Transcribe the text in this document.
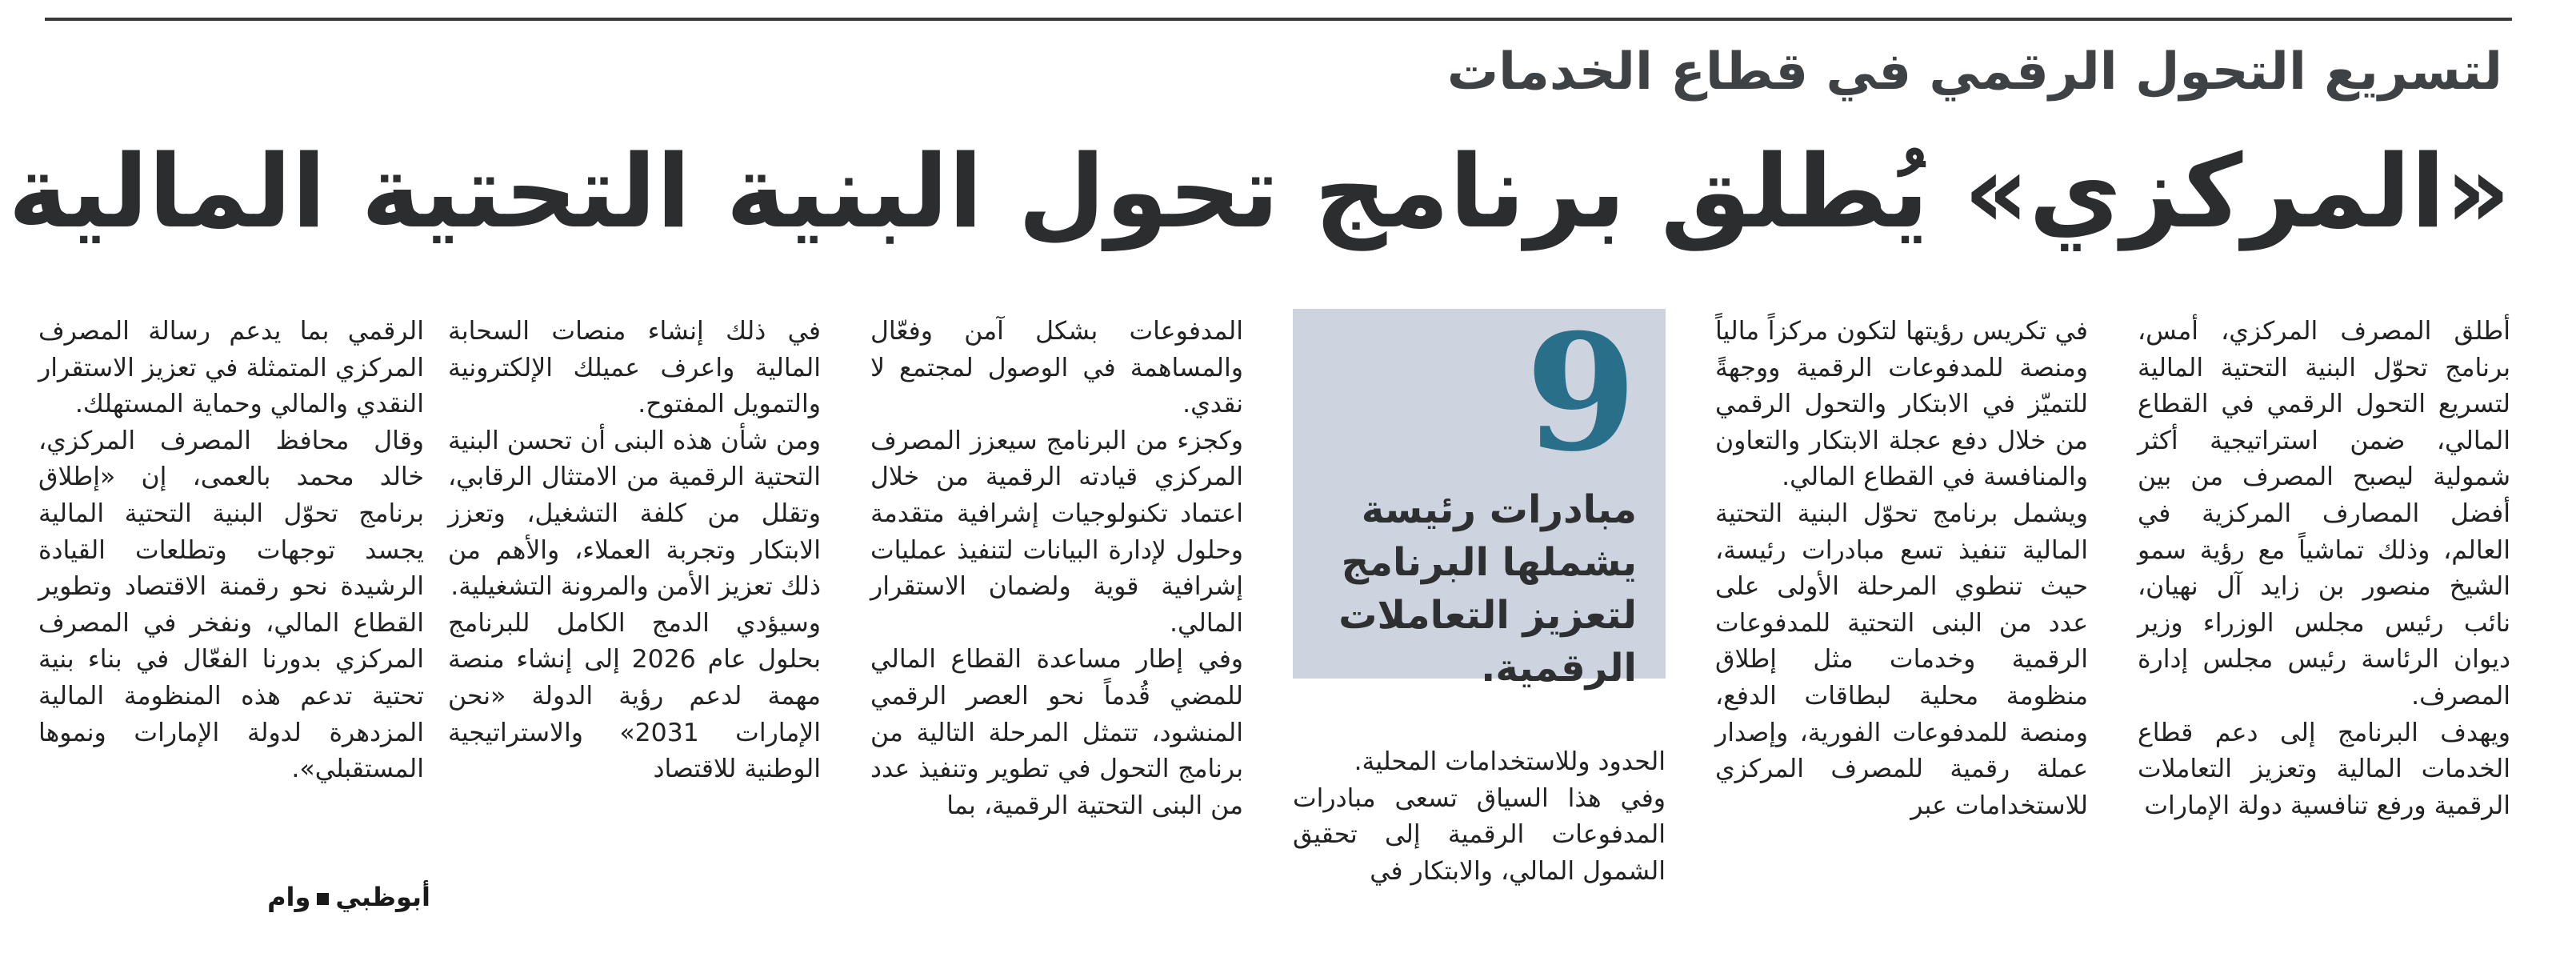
لتسريع التحول الرقمي في قطاع الخدمات
«المركزي» يُطلق برنامج تحول البنية التحتية المالية

أطلق المصرف المركزي، أمس، برنامج تحوّل البنية التحتية المالية لتسريع التحول الرقمي في القطاع المالي، ضمن استراتيجية أكثر شمولية ليصبح المصرف من بين أفضل المصارف المركزية في العالم، وذلك تماشياً مع رؤية سمو الشيخ منصور بن زايد آل نهيان، نائب رئيس مجلس الوزراء وزير ديوان الرئاسة رئيس مجلس إدارة المصرف.

ويهدف البرنامج إلى دعم قطاع الخدمات المالية وتعزيز التعاملات الرقمية ورفع تنافسية دولة الإمارات

في تكريس رؤيتها لتكون مركزاً مالياً ومنصة للمدفوعات الرقمية ووجهةً للتميّز في الابتكار والتحول الرقمي من خلال دفع عجلة الابتكار والتعاون والمنافسة في القطاع المالي.

ويشمل برنامج تحوّل البنية التحتية المالية تنفيذ تسع مبادرات رئيسة، حيث تنطوي المرحلة الأولى على عدد من البنى التحتية للمدفوعات الرقمية وخدمات مثل إطلاق منظومة محلية لبطاقات الدفع، ومنصة للمدفوعات الفورية، وإصدار عملة رقمية للمصرف المركزي للاستخدامات عبر

9
مبادرات رئيسة يشملها البرنامج لتعزيز التعاملات الرقمية.

الحدود وللاستخدامات المحلية.

وفي هذا السياق تسعى مبادرات المدفوعات الرقمية إلى تحقيق الشمول المالي، والابتكار في

المدفوعات بشكل آمن وفعّال والمساهمة في الوصول لمجتمع لا نقدي.

وكجزء من البرنامج سيعزز المصرف المركزي قيادته الرقمية من خلال اعتماد تكنولوجيات إشرافية متقدمة وحلول لإدارة البيانات لتنفيذ عمليات إشرافية قوية ولضمان الاستقرار المالي.

وفي إطار مساعدة القطاع المالي للمضي قُدماً نحو العصر الرقمي المنشود، تتمثل المرحلة التالية من برنامج التحول في تطوير وتنفيذ عدد من البنى التحتية الرقمية، بما

في ذلك إنشاء منصات السحابة المالية واعرف عميلك الإلكترونية والتمويل المفتوح.

ومن شأن هذه البنى أن تحسن البنية التحتية الرقمية من الامتثال الرقابي، وتقلل من كلفة التشغيل، وتعزز الابتكار وتجربة العملاء، والأهم من ذلك تعزيز الأمن والمرونة التشغيلية.

وسيؤدي الدمج الكامل للبرنامج بحلول عام 2026 إلى إنشاء منصة مهمة لدعم رؤية الدولة «نحن الإمارات 2031» والاستراتيجية الوطنية للاقتصاد

الرقمي بما يدعم رسالة المصرف المركزي المتمثلة في تعزيز الاستقرار النقدي والمالي وحماية المستهلك.

وقال محافظ المصرف المركزي، خالد محمد بالعمى، إن «إطلاق برنامج تحوّل البنية التحتية المالية يجسد توجهات وتطلعات القيادة الرشيدة نحو رقمنة الاقتصاد وتطوير القطاع المالي، ونفخر في المصرف المركزي بدورنا الفعّال في بناء بنية تحتية تدعم هذه المنظومة المالية المزدهرة لدولة الإمارات ونموها المستقبلي».

أبوظبيوام
